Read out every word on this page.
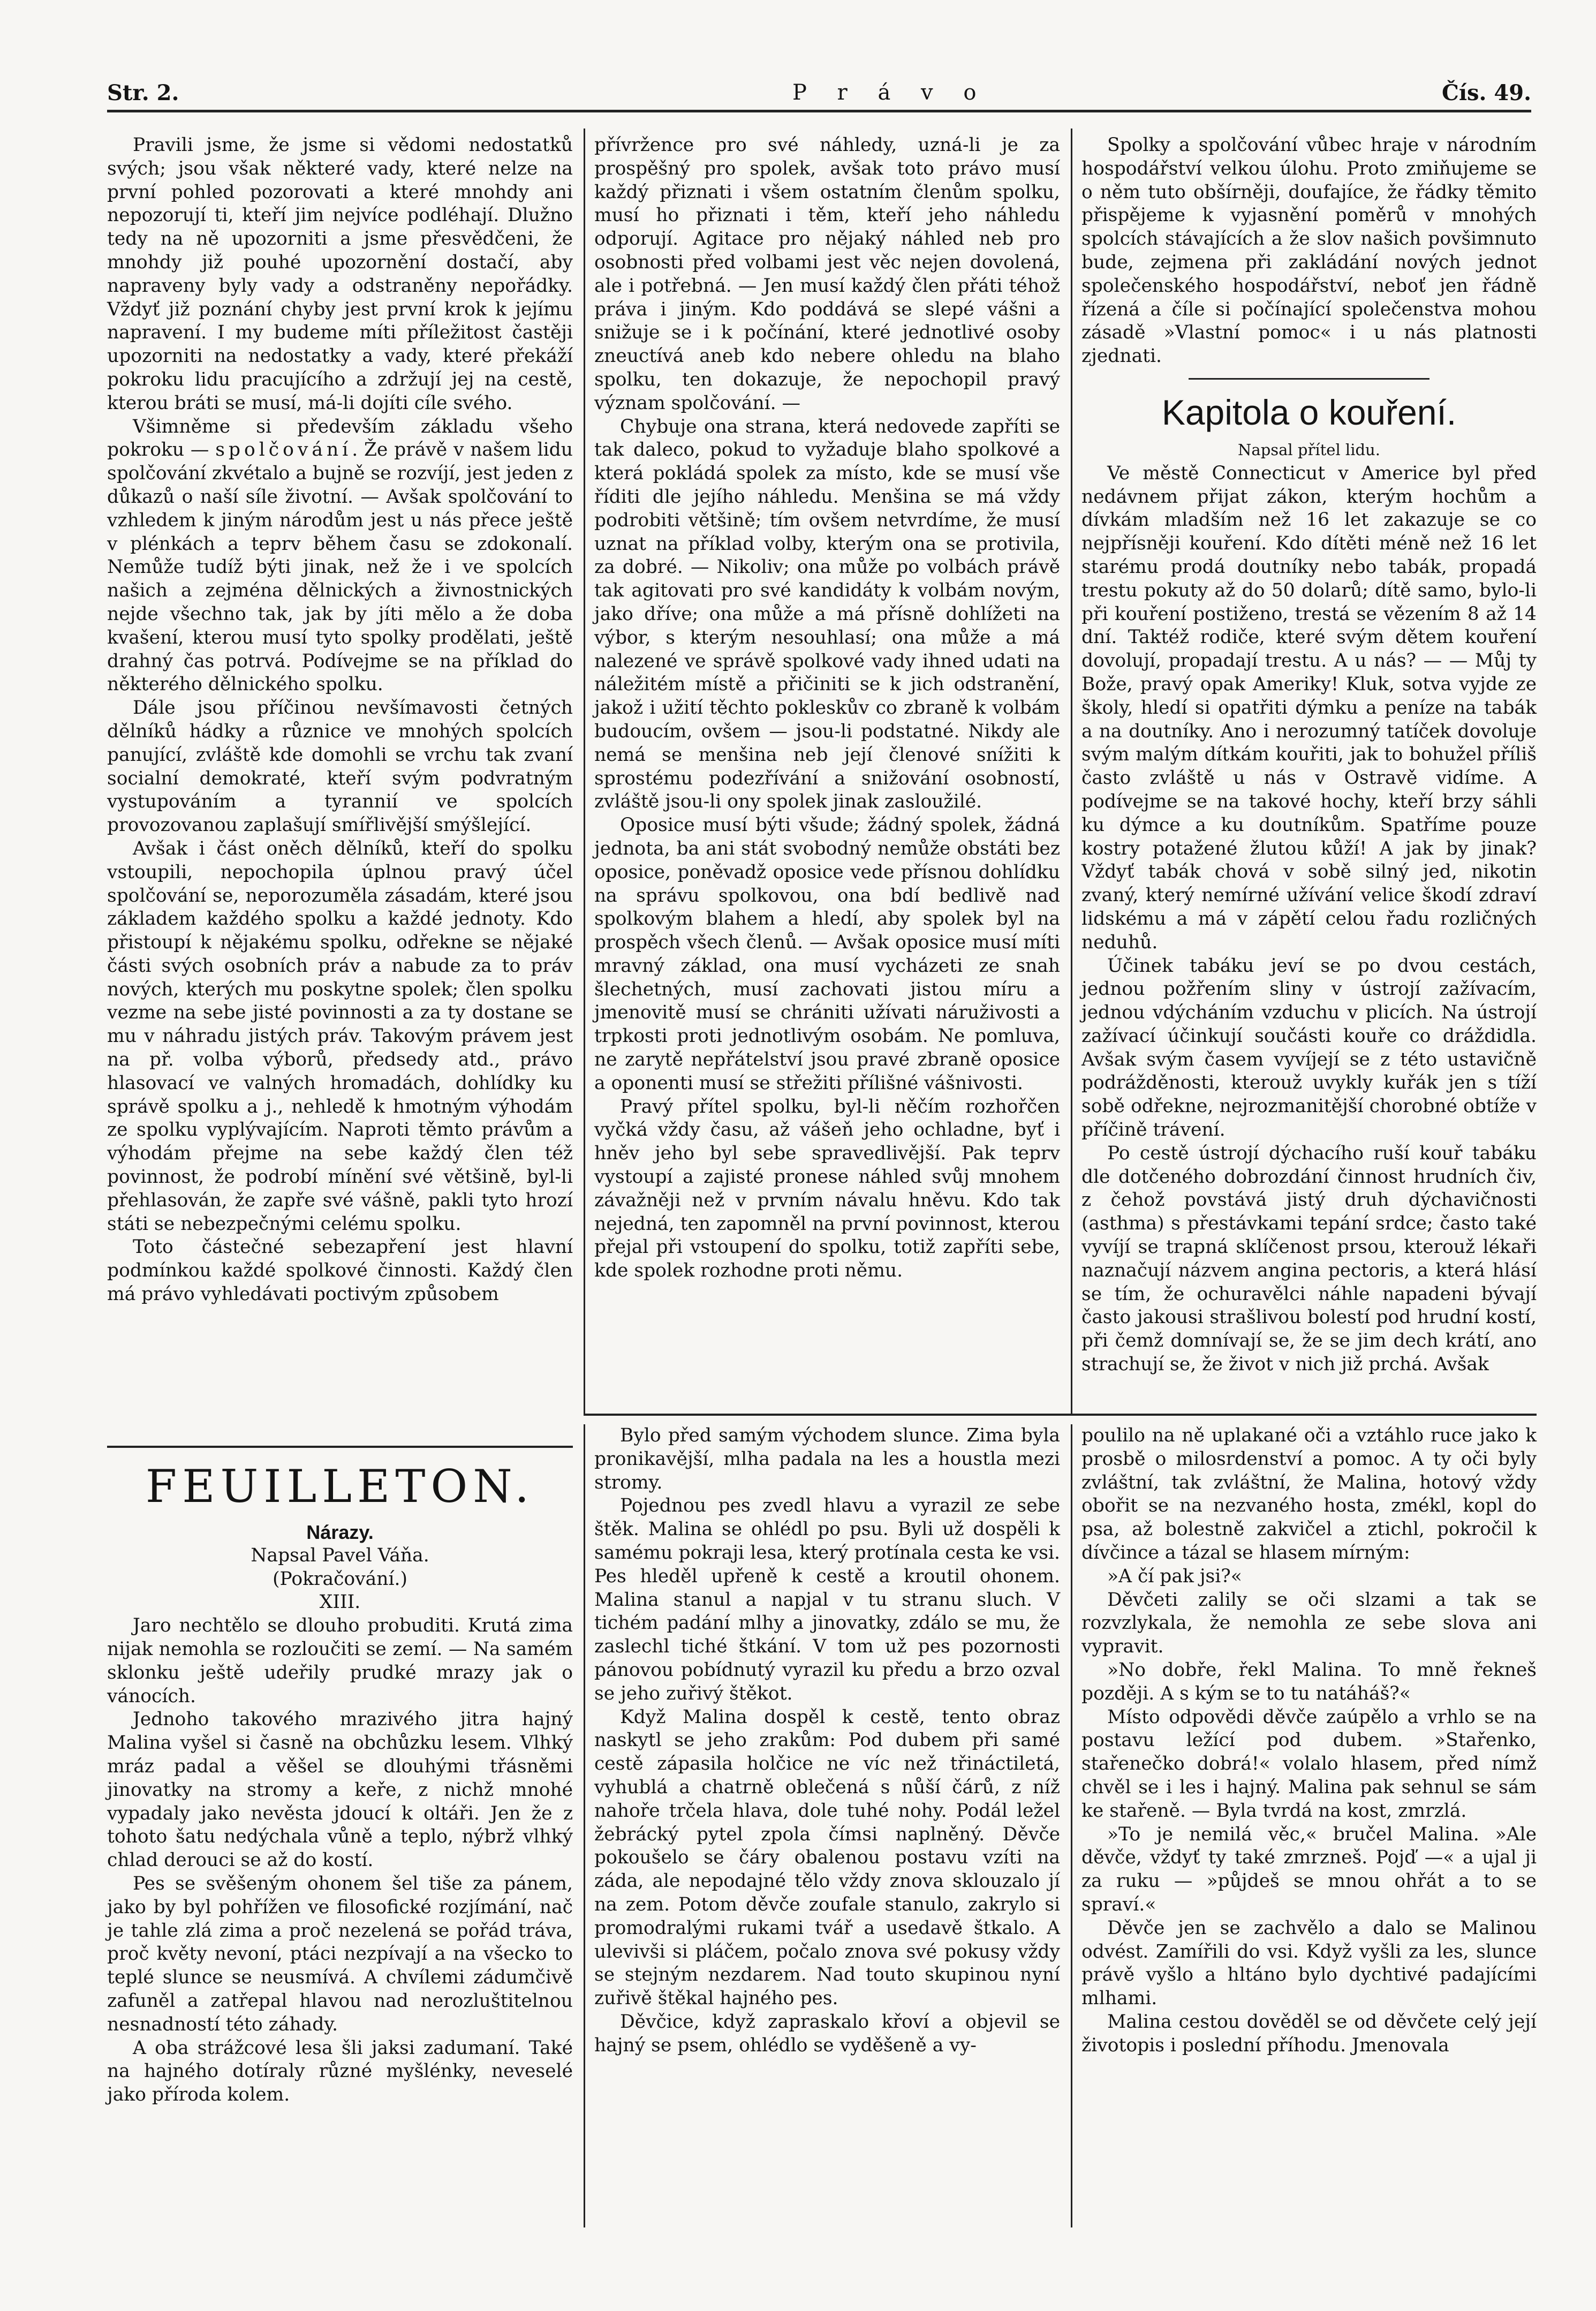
Str. 2.	P r á v o	Čís. 49.

Pravili jsme, že jsme si vědomi nedostatků svých; jsou však některé vady, které nelze na první pohled pozorovati a které mnohdy ani nepozorují ti, kteří jim nejvíce podléhají. Dlužno tedy na ně upozorniti a jsme přesvědčeni, že mnohdy již pouhé upozornění dostačí, aby napraveny byly vady a odstraněny nepořádky. Vždyť již poznání chyby jest první krok k jejímu napravení. I my budeme míti příležitost častěji upozorniti na nedostatky a vady, které překáží pokroku lidu pracujícího a zdržují jej na cestě, kterou bráti se musí, má-li dojíti cíle svého.

Všimněme si především základu všeho pokroku — spolčování. Že právě v našem lidu spolčování zkvétalo a bujně se rozvíjí, jest jeden z důkazů o naší síle životní. — Avšak spolčování to vzhledem k jiným národům jest u nás přece ještě v plénkách a teprv během času se zdokonalí. Nemůže tudíž býti jinak, než že i ve spolcích našich a zejména dělnických a živnostnických nejde všechno tak, jak by jíti mělo a že doba kvašení, kterou musí tyto spolky prodělati, ještě drahný čas potrvá. Podívejme se na příklad do některého dělnického spolku.

Dále jsou příčinou nevšímavosti četných dělníků hádky a různice ve mnohých spolcích panující, zvláště kde domohli se vrchu tak zvaní socialní demokraté, kteří svým podvratným vystupováním a tyrannií ve spolcích provozovanou zaplašují smířlivější smýšlející.

Avšak i část oněch dělníků, kteří do spolku vstoupili, nepochopila úplnou pravý účel spolčování se, neporozuměla zásadám, které jsou základem každého spolku a každé jednoty. Kdo přistoupí k nějakému spolku, odřekne se nějaké části svých osobních práv a nabude za to práv nových, kterých mu poskytne spolek; člen spolku vezme na sebe jisté povinnosti a za ty dostane se mu v náhradu jistých práv. Takovým právem jest na př. volba výborů, předsedy atd., právo hlasovací ve valných hromadách, dohlídky ku správě spolku a j., nehledě k hmotným výhodám ze spolku vyplývajícím. Naproti těmto právům a výhodám přejme na sebe každý člen též povinnost, že podrobí mínění své většině, byl-li přehlasován, že zapře své vášně, pakli tyto hrozí státi se nebezpečnými celému spolku.

Toto částečné sebezapření jest hlavní podmínkou každé spolkové činnosti. Každý člen má právo vyhledávati poctivým způsobem

přívržence pro své náhledy, uzná-li je za prospěšný pro spolek, avšak toto právo musí každý přiznati i všem ostatním členům spolku, musí ho přiznati i těm, kteří jeho náhledu odporují. Agitace pro nějaký náhled neb pro osobnosti před volbami jest věc nejen dovolená, ale i potřebná. — Jen musí každý člen přáti téhož práva i jiným. Kdo poddává se slepé vášni a snižuje se i k počínání, které jednotlivé osoby zneuctívá aneb kdo nebere ohledu na blaho spolku, ten dokazuje, že nepochopil pravý význam spolčování. —

Chybuje ona strana, která nedovede zapříti se tak daleco, pokud to vyžaduje blaho spolkové a která pokládá spolek za místo, kde se musí vše říditi dle jejího náhledu. Menšina se má vždy podrobiti většině; tím ovšem netvrdíme, že musí uznat na příklad volby, kterým ona se protivila, za dobré. — Nikoliv; ona může po volbách právě tak agitovati pro své kandidáty k volbám novým, jako dříve; ona může a má přísně dohlížeti na výbor, s kterým nesouhlasí; ona může a má nalezené ve správě spolkové vady ihned udati na náležitém místě a přičiniti se k jich odstranění, jakož i užití těchto pokleskův co zbraně k volbám budoucím, ovšem — jsou-li podstatné. Nikdy ale nemá se menšina neb její členové snížiti k sprostému podezřívání a snižování osobností, zvláště jsou-li ony spolek jinak zasloužilé.

Oposice musí býti všude; žádný spolek, žádná jednota, ba ani stát svobodný nemůže obstáti bez oposice, poněvadž oposice vede přísnou dohlídku na správu spolkovou, ona bdí bedlivě nad spolkovým blahem a hledí, aby spolek byl na prospěch všech členů. — Avšak oposice musí míti mravný základ, ona musí vycházeti ze snah šlechetných, musí zachovati jistou míru a jmenovitě musí se chrániti užívati náruživosti a trpkosti proti jednotlivým osobám. Ne pomluva, ne zarytě nepřátelství jsou pravé zbraně oposice a oponenti musí se střežiti přílišné vášnivosti.

Pravý přítel spolku, byl-li něčím rozhořčen vyčká vždy času, až vášeň jeho ochladne, byť i hněv jeho byl sebe spravedlivější. Pak teprv vystoupí a zajisté pronese náhled svůj mnohem závažněji než v prvním návalu hněvu. Kdo tak nejedná, ten zapomněl na první povinnost, kterou přejal při vstoupení do spolku, totiž zapříti sebe, kde spolek rozhodne proti němu.

Spolky a spolčování vůbec hraje v národním hospodářství velkou úlohu. Proto zmiňujeme se o něm tuto obšírněji, doufajíce, že řádky těmito přispějeme k vyjasnění poměrů v mnohých spolcích stávajících a že slov našich povšimnuto bude, zejmena při zakládání nových jednot společenského hospodářství, neboť jen řádně řízená a číle si počínající společenstva mohou zásadě »Vlastní pomoc« i u nás platnosti zjednati.

Kapitola o kouření.

Napsal přítel lidu.

Ve městě Connecticut v Americe byl před nedávnem přijat zákon, kterým hochům a dívkám mladším než 16 let zakazuje se co nejpřísněji kouření. Kdo dítěti méně než 16 let starému prodá doutníky nebo tabák, propadá trestu pokuty až do 50 dolarů; dítě samo, bylo-li při kouření postiženo, trestá se vězením 8 až 14 dní. Taktéž rodiče, které svým dětem kouření dovolují, propadají trestu. A u nás? — — Můj ty Bože, pravý opak Ameriky! Kluk, sotva vyjde ze školy, hledí si opatřiti dýmku a peníze na tabák a na doutníky. Ano i nerozumný tatíček dovoluje svým malým dítkám kouřiti, jak to bohužel příliš často zvláště u nás v Ostravě vidíme. A podívejme se na takové hochy, kteří brzy sáhli ku dýmce a ku doutníkům. Spatříme pouze kostry potažené žlutou kůží! A jak by jinak? Vždyť tabák chová v sobě silný jed, nikotin zvaný, který nemírné užívání velice škodí zdraví lidskému a má v zápětí celou řadu rozličných neduhů.

Účinek tabáku jeví se po dvou cestách, jednou požřením sliny v ústrojí zažívacím, jednou vdýcháním vzduchu v plicích. Na ústrojí zažívací účinkují součásti kouře co dráždidla. Avšak svým časem vyvíjejí se z této ustavičně podrážděnosti, kterouž uvykly kuřák jen s tíží sobě odřekne, nejrozmanitější chorobné obtíže v příčině trávení.

Po cestě ústrojí dýchacího ruší kouř tabáku dle dotčeného dobrozdání činnost hrudních čiv, z čehož povstává jistý druh dýchavičnosti (asthma) s přestávkami tepání srdce; často také vyvíjí se trapná sklíčenost prsou, kterouž lékaři naznačují názvem angina pectoris, a která hlásí se tím, že ochuravělci náhle napadeni bývají často jakousi strašlivou bolestí pod hrudní kostí, při čemž domnívají se, že se jim dech krátí, ano strachují se, že život v nich již prchá. Avšak

FEUILLETON.

Nárazy.

Napsal Pavel Váňa.

(Pokračování.)

XIII.

Jaro nechtělo se dlouho probuditi. Krutá zima nijak nemohla se rozloučiti se zemí. — Na samém sklonku ještě udeřily prudké mrazy jak o vánocích.

Jednoho takového mrazivého jitra hajný Malina vyšel si časně na obchůzku lesem. Vlhký mráz padal a věšel se dlouhými třásněmi jinovatky na stromy a keře, z nichž mnohé vypadaly jako nevěsta jdoucí k oltáři. Jen že z tohoto šatu nedýchala vůně a teplo, nýbrž vlhký chlad derouci se až do kostí.

Pes se svěšeným ohonem šel tiše za pánem, jako by byl pohřížen ve filosofické rozjímání, nač je tahle zlá zima a proč nezelená se pořád tráva, proč květy nevoní, ptáci nezpívají a na všecko to teplé slunce se neusmívá. A chvílemi zádumčivě zafuněl a zatřepal hlavou nad nerozluštitelnou nesnadností této záhady.

A oba strážcové lesa šli jaksi zadumaní. Také na hajného dotíraly různé myšlénky, neveselé jako příroda kolem.

Bylo před samým východem slunce. Zima byla pronikavější, mlha padala na les a houstla mezi stromy.

Pojednou pes zvedl hlavu a vyrazil ze sebe štěk. Malina se ohlédl po psu. Byli už dospěli k samému pokraji lesa, který protínala cesta ke vsi. Pes hleděl upřeně k cestě a kroutil ohonem. Malina stanul a napjal v tu stranu sluch. V tichém padání mlhy a jinovatky, zdálo se mu, že zaslechl tiché štkání. V tom už pes pozornosti pánovou pobídnutý vyrazil ku předu a brzo ozval se jeho zuřivý štěkot.

Když Malina dospěl k cestě, tento obraz naskytl se jeho zrakům: Pod dubem při samé cestě zápasila holčice ne víc než třináctiletá, vyhublá a chatrně oblečená s nůší čárů, z níž nahoře trčela hlava, dole tuhé nohy. Podál ležel žebrácký pytel zpola čímsi naplněný. Děvče pokoušelo se čáry obalenou postavu vzíti na záda, ale nepodajné tělo vždy znova sklouzalo jí na zem. Potom děvče zoufale stanulo, zakrylo si promodralými rukami tvář a usedavě štkalo. A ulevivši si pláčem, počalo znova své pokusy vždy se stejným nezdarem. Nad touto skupinou nyní zuřivě štěkal hajného pes.

Děvčice, když zapraskalo křoví a objevil se hajný se psem, ohlédlo se vyděšeně a vy-

poulilo na ně uplakané oči a vztáhlo ruce jako k prosbě o milosrdenství a pomoc. A ty oči byly zvláštní, tak zvláštní, že Malina, hotový vždy obořit se na nezvaného hosta, zmékl, kopl do psa, až bolestně zakvičel a ztichl, pokročil k dívčince a tázal se hlasem mírným:

»A čí pak jsi?«

Děvčeti zalily se oči slzami a tak se rozvzlykala, že nemohla ze sebe slova ani vypravit.

»No dobře, řekl Malina. To mně řekneš později. A s kým se to tu natáháš?«

Místo odpovědi děvče zaúpělo a vrhlo se na postavu ležící pod dubem. »Stařenko, stařenečko dobrá!« volalo hlasem, před nímž chvěl se i les i hajný. Malina pak sehnul se sám ke stařeně. — Byla tvrdá na kost, zmrzlá.

»To je nemilá věc,« bručel Malina. »Ale děvče, vždyť ty také zmrzneš. Pojď —« a ujal ji za ruku — »půjdeš se mnou ohřát a to se spraví.«

Děvče jen se zachvělo a dalo se Malinou odvést. Zamířili do vsi. Když vyšli za les, slunce právě vyšlo a hltáno bylo dychtivé padajícími mlhami.

Malina cestou dověděl se od děvčete celý její životopis i poslední příhodu. Jmenovala
